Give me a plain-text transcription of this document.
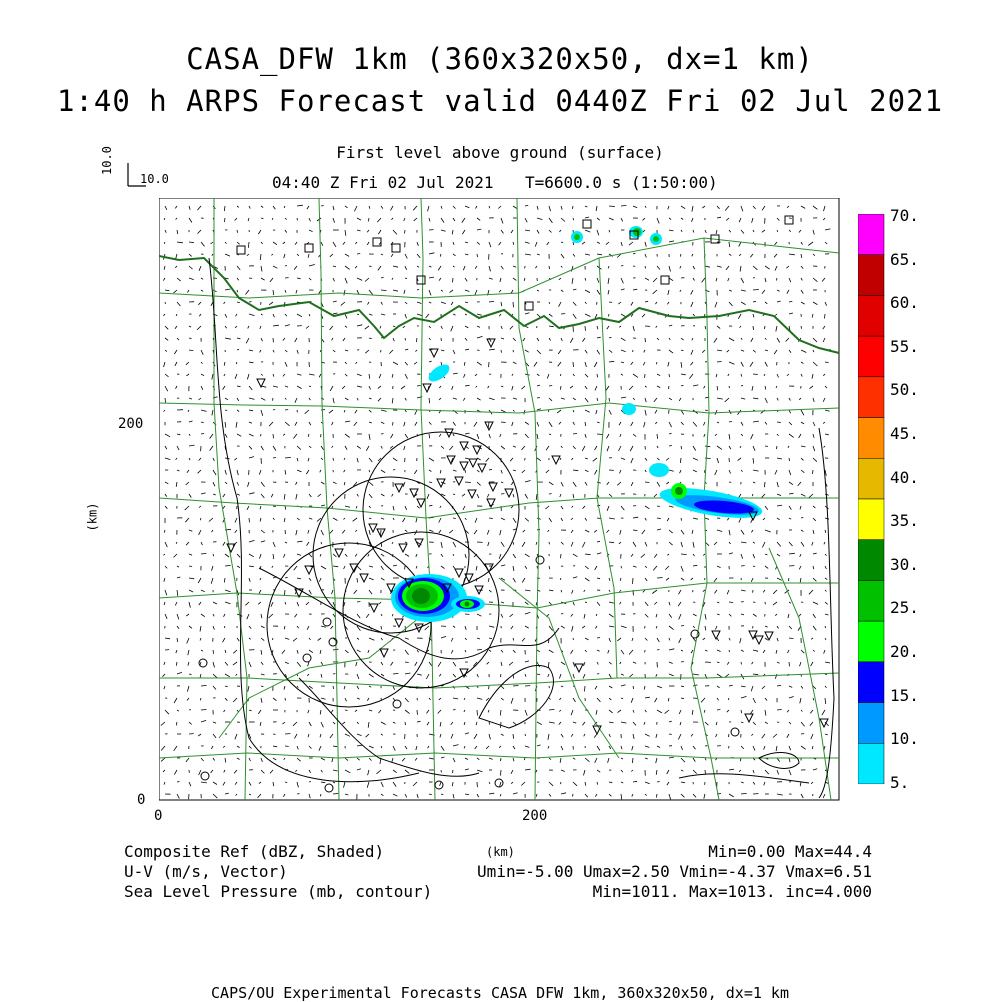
CASA_DFW 1km (360x320x50, dx=1 km)
1:40 h ARPS Forecast valid 0440Z Fri 02 Jul 2021
First level above ground (surface)
04:40 Z Fri 02 Jul 2021 T=6600.0 s (1:50:00)
10.0
10.0
200
0
0	200
(km)
(km)
70.
65.
60.
55.
50.
45.
40.
35.
30.
25.
20.
15.
10.
5.
Composite Ref (dBZ, Shaded)
U-V (m/s, Vector)
Sea Level Pressure (mb, contour)
Min=0.00 Max=44.4
Umin=-5.00 Umax=2.50 Vmin=-4.37 Vmax=6.51
Min=1011. Max=1013. inc=4.000
CAPS/OU Experimental Forecasts CASA DFW 1km, 360x320x50, dx=1 km
